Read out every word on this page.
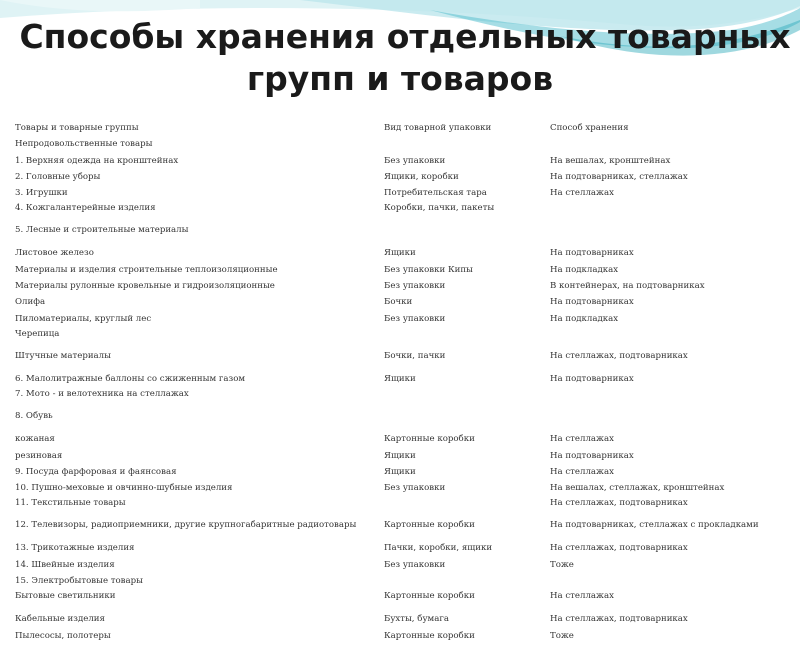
Способы хранения отдельных товарных
групп и товаров
Товары и товарные группы	Вид товарной упаковки	Способ хранения
Непродовольственные товары		
1. Верхняя одежда на кронштейнах	Без упаковки	На вешалах, кронштейнах
2. Головные уборы	Ящики, коробки	На подтоварниках, стеллажах
3. Игрушки	Потребительская тара	На стеллажах
4. Кожгалантерейные изделия	Коробки, пачки, пакеты	
5. Лесные и строительные материалы		
Листовое железо	Ящики	На подтоварниках
Материалы и изделия строительные теплоизоляционные	Без упаковки Кипы	На подкладках
Материалы рулонные кровельные и гидроизоляционные	Без упаковки	В контейнерах, на подтоварниках
Олифа	Бочки	На подтоварниках
Пиломатериалы, круглый лес	Без упаковки	На подкладках
Черепица		
Штучные материалы	Бочки, пачки	На стеллажах, подтоварниках
6. Малолитражные баллоны со сжиженным газом	Ящики	На подтоварниках
7. Мото - и велотехника на стеллажах		
8. Обувь		
кожаная	Картонные коробки	На стеллажах
резиновая	Ящики	На подтоварниках
9. Посуда фарфоровая и фаянсовая	Ящики	На стеллажах
10. Пушно-меховые и овчинно-шубные изделия	Без упаковки	На вешалах, стеллажах, кронштейнах
11. Текстильные товары		На стеллажах, подтоварниках
12. Телевизоры, радиоприемники, другие крупногабаритные радиотовары	Картонные коробки	На подтоварниках, стеллажах с прокладками
13. Трикотажные изделия	Пачки, коробки, ящики	На стеллажах, подтоварниках
14. Швейные изделия	Без упаковки	Тоже
15. Электробытовые товары		
Бытовые светильники	Картонные коробки	На стеллажах
Кабельные изделия	Бухты, бумага	На стеллажах, подтоварниках
Пылесосы, полотеры	Картонные коробки	Тоже
